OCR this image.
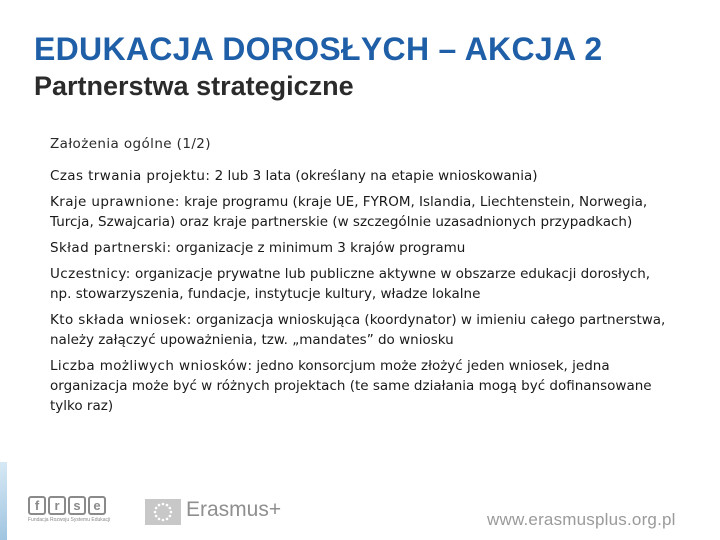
EDUKACJA DOROSŁYCH – AKCJA 2
Partnerstwa strategiczne

Założenia ogólne (1/2)

Czas trwania projektu: 2 lub 3 lata (określany na etapie wnioskowania)

Kraje uprawnione: kraje programu (kraje UE, FYROM, Islandia, Liechtenstein, Norwegia, Turcja, Szwajcaria) oraz kraje partnerskie (w szczególnie uzasadnionych przypadkach)

Skład partnerski: organizacje z minimum 3 krajów programu

Uczestnicy: organizacje prywatne lub publiczne aktywne w obszarze edukacji dorosłych, np. stowarzyszenia, fundacje, instytucje kultury, władze lokalne

Kto składa wniosek: organizacja wnioskująca (koordynator) w imieniu całego partnerstwa, należy załączyć upoważnienia, tzw. „mandates” do wniosku

Liczba możliwych wniosków: jedno konsorcjum może złożyć jeden wniosek, jedna organizacja może być w różnych projektach (te same działania mogą być dofinansowane tylko raz)

f	r	s e
Fundacja Rozwoju Systemu Edukacji	Erasmus+	www.erasmusplus.org.pl
